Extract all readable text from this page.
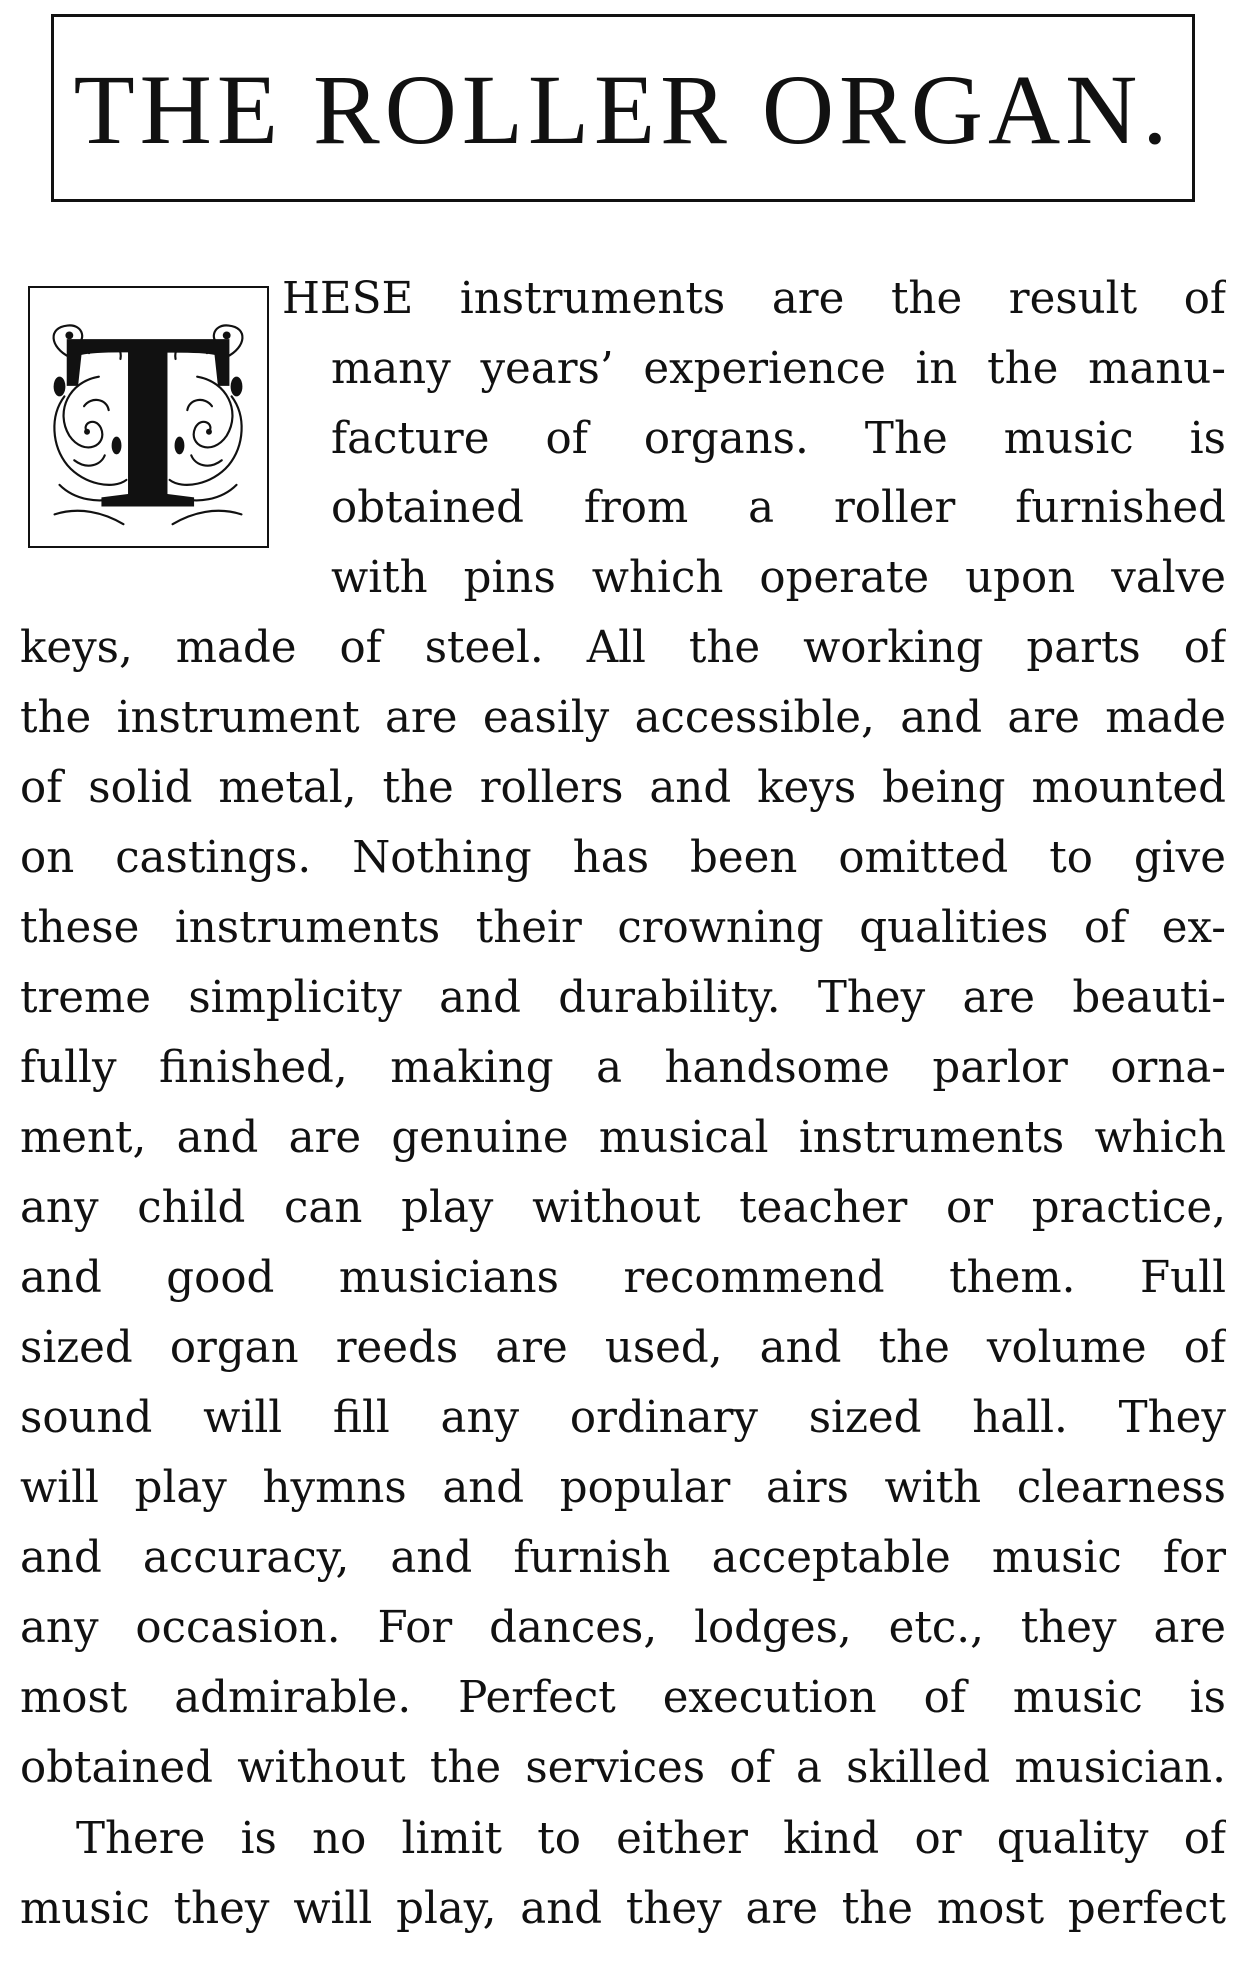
THE ROLLER ORGAN.
T HESE instruments are the result of
many years’ experience in the manu-
facture of organs. The music is
obtained from a roller furnished
with pins which operate upon valve
keys, made of steel. All the working parts of
the instrument are easily accessible, and are made
of solid metal, the rollers and keys being mounted
on castings. Nothing has been omitted to give
these instruments their crowning qualities of ex-
treme simplicity and durability. They are beauti-
fully finished, making a handsome parlor orna-
ment, and are genuine musical instruments which
any child can play without teacher or practice,
and good musicians recommend them. Full
sized organ reeds are used, and the volume of
sound will fill any ordinary sized hall. They
will play hymns and popular airs with clearness
and accuracy, and furnish acceptable music for
any occasion. For dances, lodges, etc., they are
most admirable. Perfect execution of music is
obtained without the services of a skilled musician.
There is no limit to either kind or quality of
music they will play, and they are the most perfect
